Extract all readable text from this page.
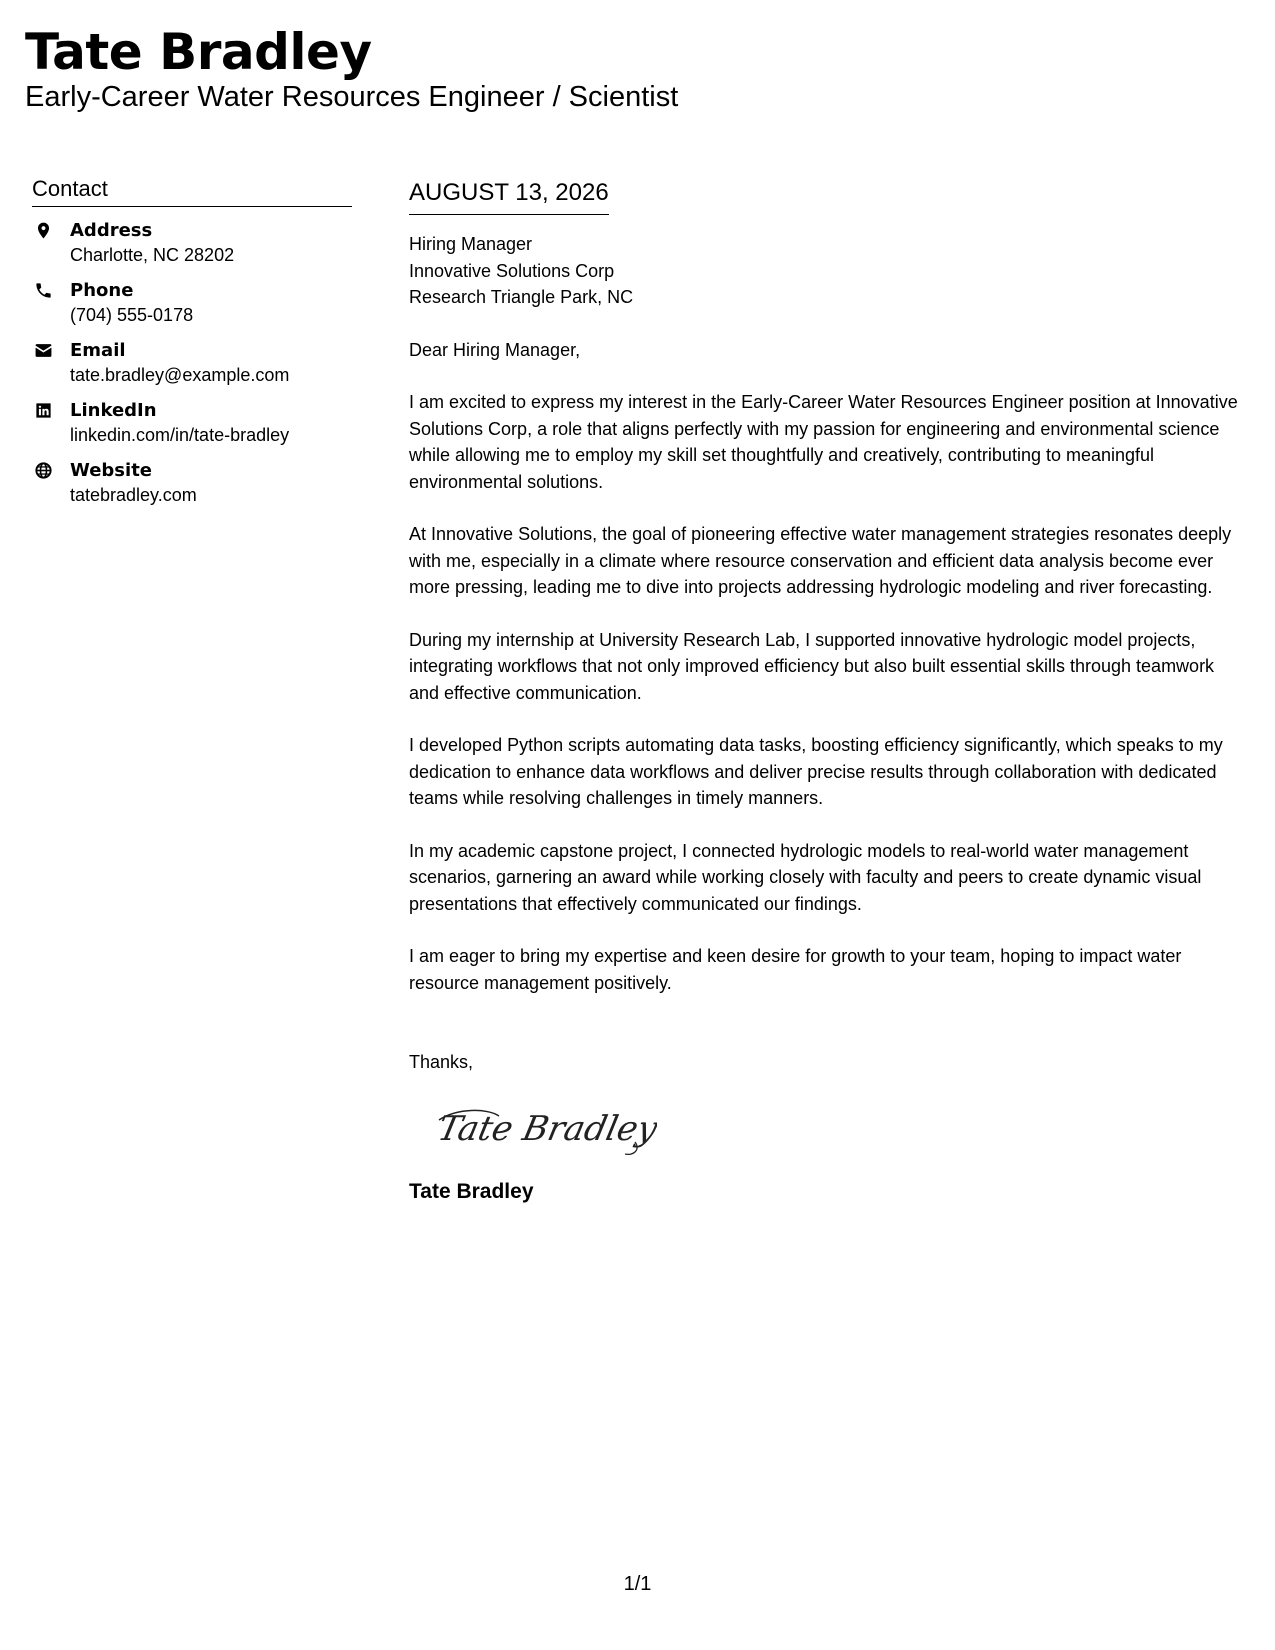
Tate Bradley

Early-Career Water Resources Engineer / Scientist

Contact
Address
Charlotte, NC 28202
Phone
(704) 555-0178
Email
tate.bradley@example.com
LinkedIn
linkedin.com/in/tate-bradley
Website
tatebradley.com
AUGUST 13, 2026

Hiring Manager

Innovative Solutions Corp

Research Triangle Park, NC

Dear Hiring Manager,

I am excited to express my interest in the Early-Career Water Resources Engineer position at Innovative Solutions Corp, a role that aligns perfectly with my passion for engineering and environmental science while allowing me to employ my skill set thoughtfully and creatively, contributing to meaningful environmental solutions.

At Innovative Solutions, the goal of pioneering effective water management strategies resonates deeply with me, especially in a climate where resource conservation and efficient data analysis become ever more pressing, leading me to dive into projects addressing hydrologic modeling and river forecasting.

During my internship at University Research Lab, I supported innovative hydrologic model projects, integrating workflows that not only improved efficiency but also built essential skills through teamwork and effective communication.

I developed Python scripts automating data tasks, boosting efficiency significantly, which speaks to my dedication to enhance data workflows and deliver precise results through collaboration with dedicated teams while resolving challenges in timely manners.

In my academic capstone project, I connected hydrologic models to real-world water management scenarios, garnering an award while working closely with faculty and peers to create dynamic visual presentations that effectively communicated our findings.

I am eager to bring my expertise and keen desire for growth to your team, hoping to impact water resource management positively.

Thanks,

Tate Bradley
Tate Bradley
1/1
